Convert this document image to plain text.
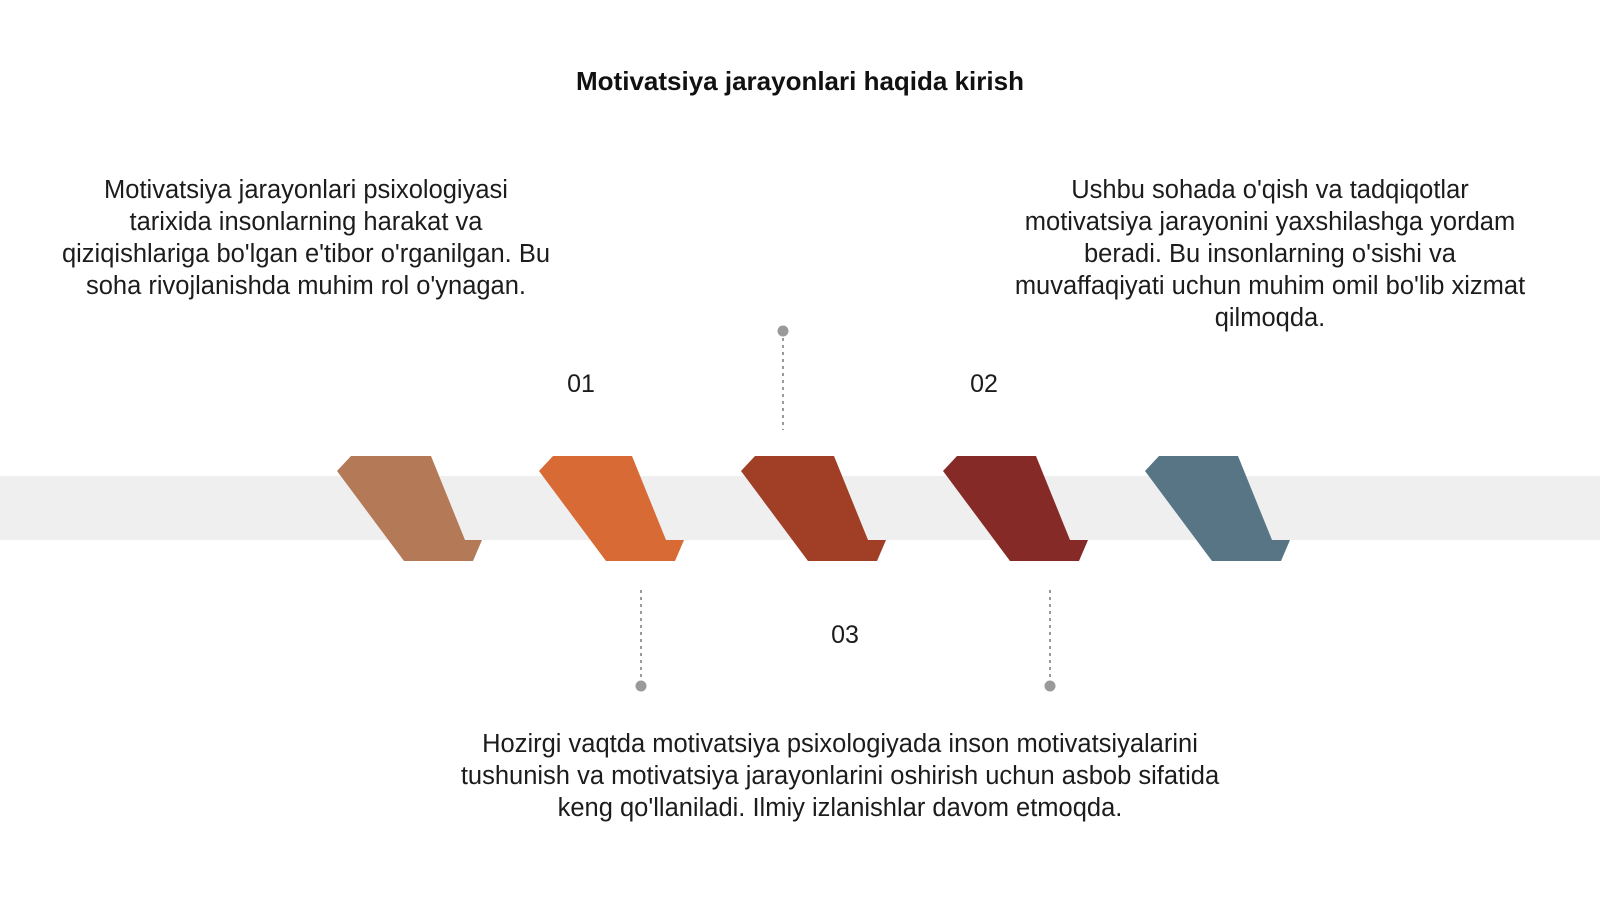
Motivatsiya jarayonlari haqida kirish
Motivatsiya jarayonlari psixologiyasi tarixida insonlarning harakat va qiziqishlariga bo'lgan e'tibor o'rganilgan. Bu soha rivojlanishda muhim rol o'ynagan.
Ushbu sohada o'qish va tadqiqotlar motivatsiya jarayonini yaxshilashga yordam beradi. Bu insonlarning o'sishi va muvaffaqiyati uchun muhim omil bo'lib xizmat qilmoqda.
Hozirgi vaqtda motivatsiya psixologiyada inson motivatsiyalarini tushunish va motivatsiya jarayonlarini oshirish uchun asbob sifatida keng qo'llaniladi. Ilmiy izlanishlar davom etmoqda.
01	02
03
